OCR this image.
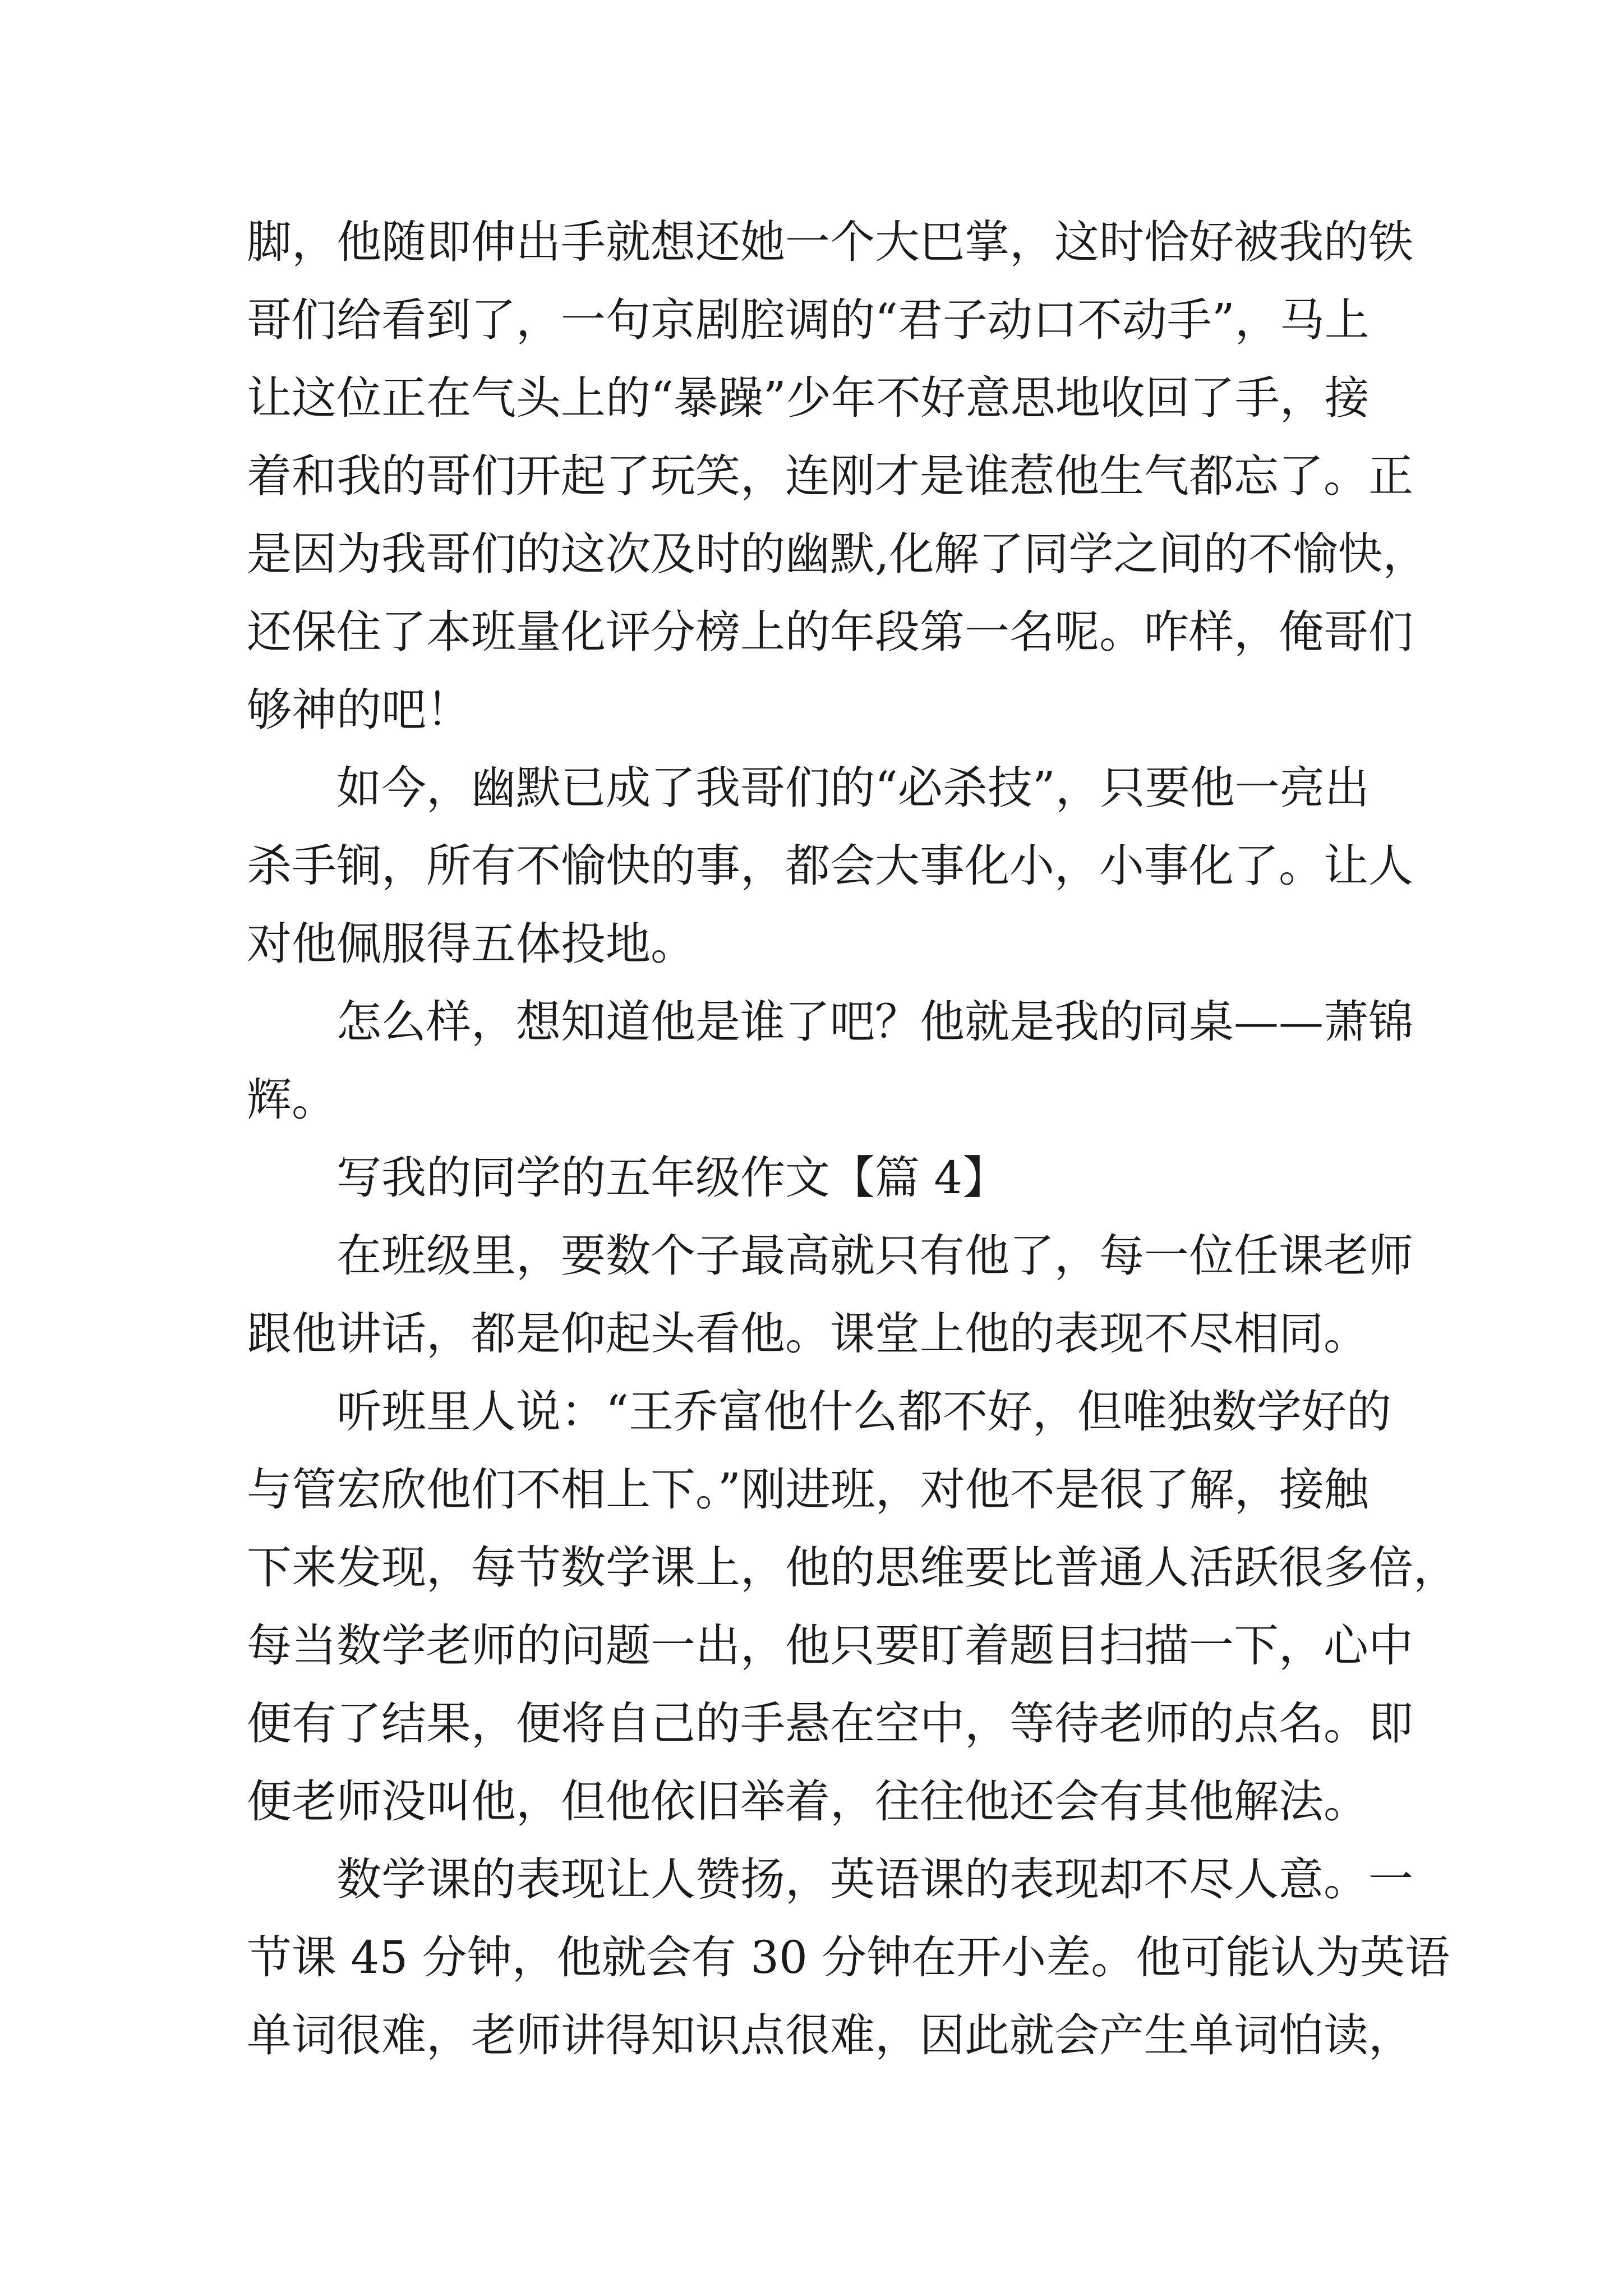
脚，他随即伸出手就想还她一个大巴掌，这时恰好被我的铁
哥们给看到了，一句京剧腔调的“君子动口不动手”，马上
让这位正在气头上的“暴躁”少年不好意思地收回了手，接
着和我的哥们开起了玩笑，连刚才是谁惹他生气都忘了。正
是因为我哥们的这次及时的幽默,化解了同学之间的不愉快，
还保住了本班量化评分榜上的年段第一名呢。咋样，俺哥们
够神的吧！
如今，幽默已成了我哥们的“必杀技”，只要他一亮出
杀手锏，所有不愉快的事，都会大事化小，小事化了。让人
对他佩服得五体投地。
怎么样，想知道他是谁了吧？他就是我的同桌——萧锦
辉。
写我的同学的五年级作文【篇 4】
在班级里，要数个子最高就只有他了，每一位任课老师
跟他讲话，都是仰起头看他。课堂上他的表现不尽相同。
听班里人说：“王乔富他什么都不好，但唯独数学好的
与管宏欣他们不相上下。”刚进班，对他不是很了解，接触
下来发现，每节数学课上，他的思维要比普通人活跃很多倍，
每当数学老师的问题一出，他只要盯着题目扫描一下，心中
便有了结果，便将自己的手悬在空中，等待老师的点名。即
便老师没叫他，但他依旧举着，往往他还会有其他解法。
数学课的表现让人赞扬，英语课的表现却不尽人意。一
节课 45 分钟，他就会有 30 分钟在开小差。他可能认为英语
单词很难，老师讲得知识点很难，因此就会产生单词怕读，
